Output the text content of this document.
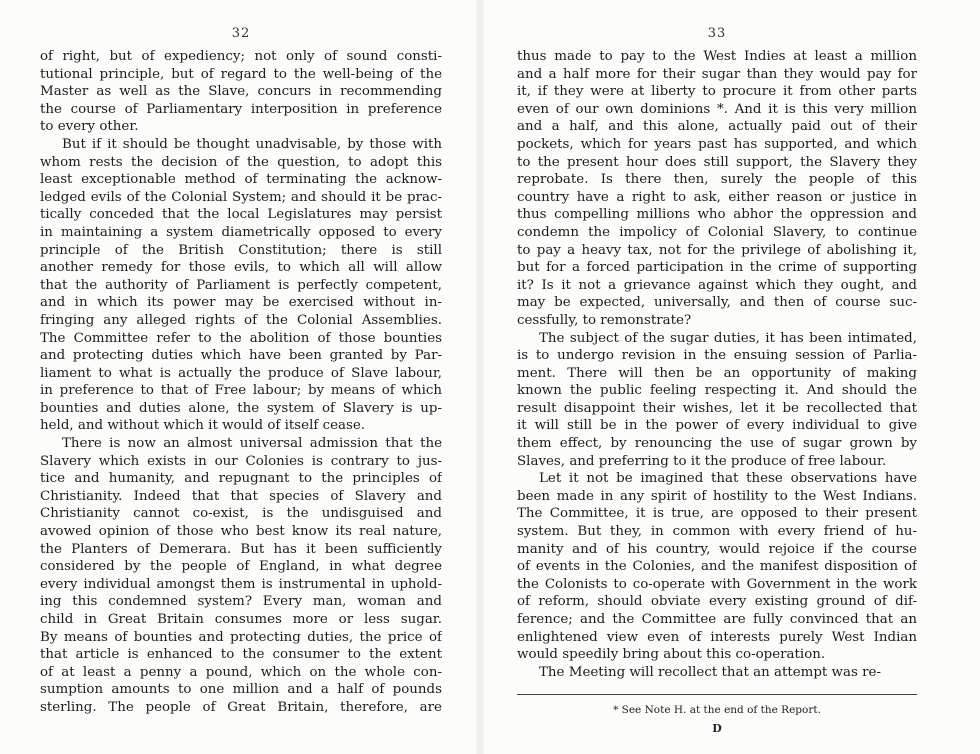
32
of right, but of expediency; not only of sound consti-
tutional principle, but of regard to the well-being of the
Master as well as the Slave, concurs in recommending
the course of Parliamentary interposition in preference
to every other.
But if it should be thought unadvisable, by those with
whom rests the decision of the question, to adopt this
least exceptionable method of terminating the acknow-
ledged evils of the Colonial System; and should it be prac-
tically conceded that the local Legislatures may persist
in maintaining a system diametrically opposed to every
principle of the British Constitution; there is still
another remedy for those evils, to which all will allow
that the authority of Parliament is perfectly competent,
and in which its power may be exercised without in-
fringing any alleged rights of the Colonial Assemblies.
The Committee refer to the abolition of those bounties
and protecting duties which have been granted by Par-
liament to what is actually the produce of Slave labour,
in preference to that of Free labour; by means of which
bounties and duties alone, the system of Slavery is up-
held, and without which it would of itself cease.
There is now an almost universal admission that the
Slavery which exists in our Colonies is contrary to jus-
tice and humanity, and repugnant to the principles of
Christianity. Indeed that that species of Slavery and
Christianity cannot co-exist, is the undisguised and
avowed opinion of those who best know its real nature,
the Planters of Demerara. But has it been sufficiently
considered by the people of England, in what degree
every individual amongst them is instrumental in uphold-
ing this condemned system? Every man, woman and
child in Great Britain consumes more or less sugar.
By means of bounties and protecting duties, the price of
that article is enhanced to the consumer to the extent
of at least a penny a pound, which on the whole con-
sumption amounts to one million and a half of pounds
sterling. The people of Great Britain, therefore, are
33
thus made to pay to the West Indies at least a million
and a half more for their sugar than they would pay for
it, if they were at liberty to procure it from other parts
even of our own dominions *. And it is this very million
and a half, and this alone, actually paid out of their
pockets, which for years past has supported, and which
to the present hour does still support, the Slavery they
reprobate. Is there then, surely the people of this
country have a right to ask, either reason or justice in
thus compelling millions who abhor the oppression and
condemn the impolicy of Colonial Slavery, to continue
to pay a heavy tax, not for the privilege of abolishing it,
but for a forced participation in the crime of supporting
it? Is it not a grievance against which they ought, and
may be expected, universally, and then of course suc-
cessfully, to remonstrate?
The subject of the sugar duties, it has been intimated,
is to undergo revision in the ensuing session of Parlia-
ment. There will then be an opportunity of making
known the public feeling respecting it. And should the
result disappoint their wishes, let it be recollected that
it will still be in the power of every individual to give
them effect, by renouncing the use of sugar grown by
Slaves, and preferring to it the produce of free labour.
Let it not be imagined that these observations have
been made in any spirit of hostility to the West Indians.
The Committee, it is true, are opposed to their present
system. But they, in common with every friend of hu-
manity and of his country, would rejoice if the course
of events in the Colonies, and the manifest disposition of
the Colonists to co-operate with Government in the work
of reform, should obviate every existing ground of dif-
ference; and the Committee are fully convinced that an
enlightened view even of interests purely West Indian
would speedily bring about this co-operation.
The Meeting will recollect that an attempt was re-
* See Note H. at the end of the Report.
D
